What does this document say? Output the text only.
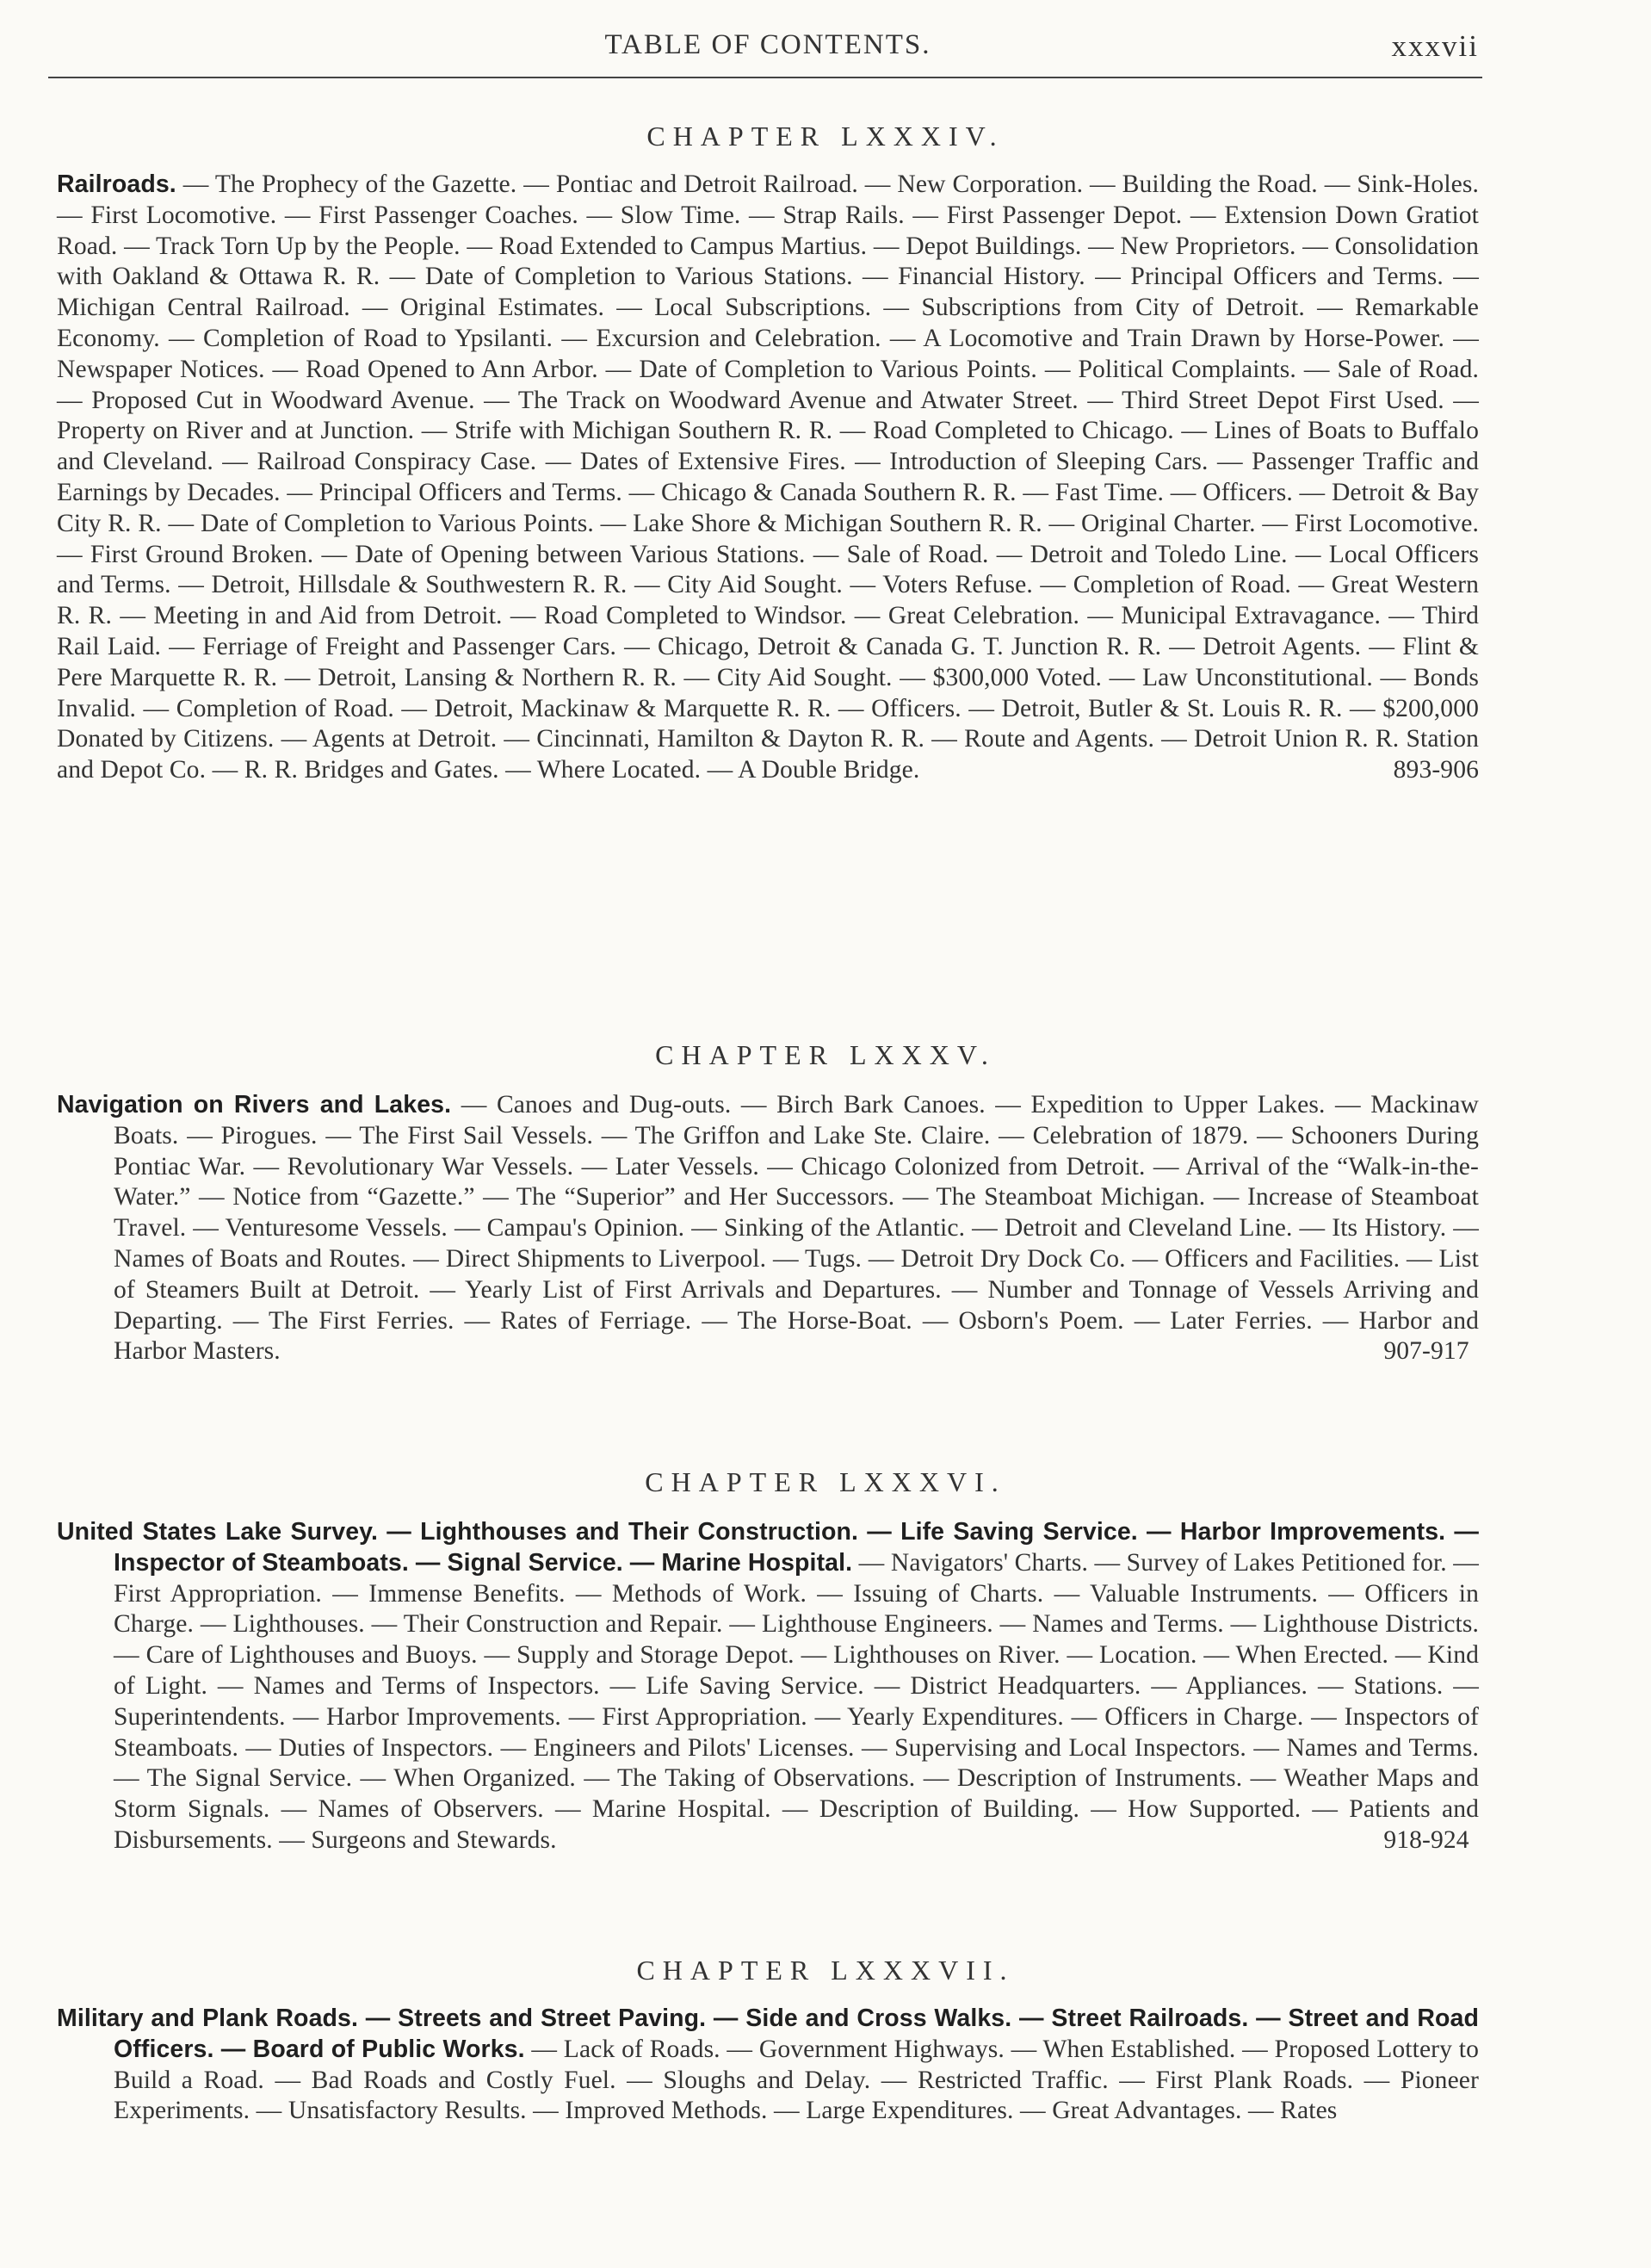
TABLE OF CONTENTS.	xxxvii
CHAPTER LXXXIV.
Railroads. — The Prophecy of the Gazette. — Pontiac and Detroit Railroad. — New Corporation. — Building the Road. — Sink-Holes. — First Locomotive. — First Passenger Coaches. — Slow Time. — Strap Rails. — First Passenger Depot. — Extension Down Gratiot Road. — Track Torn Up by the People. — Road Extended to Campus Martius. — Depot Buildings. — New Proprietors. — Consolidation with Oakland & Ottawa R. R. — Date of Completion to Various Stations. — Financial History. — Principal Officers and Terms. — Michigan Central Railroad. — Original Estimates. — Local Subscriptions. — Subscriptions from City of Detroit. — Remarkable Economy. — Completion of Road to Ypsilanti. — Excursion and Celebration. — A Locomotive and Train Drawn by Horse-Power. — Newspaper Notices. — Road Opened to Ann Arbor. — Date of Completion to Various Points. — Political Complaints. — Sale of Road. — Proposed Cut in Woodward Avenue. — The Track on Woodward Avenue and Atwater Street. — Third Street Depot First Used. — Property on River and at Junction. — Strife with Michigan Southern R. R. — Road Completed to Chicago. — Lines of Boats to Buffalo and Cleveland. — Railroad Conspiracy Case. — Dates of Extensive Fires. — Introduction of Sleeping Cars. — Passenger Traffic and Earnings by Decades. — Principal Officers and Terms. — Chicago & Canada Southern R. R. — Fast Time. — Officers. — Detroit & Bay City R. R. — Date of Completion to Various Points. — Lake Shore & Michigan Southern R. R. — Original Charter. — First Locomotive. — First Ground Broken. — Date of Opening between Various Stations. — Sale of Road. — Detroit and Toledo Line. — Local Officers and Terms. — Detroit, Hillsdale & Southwestern R. R. — City Aid Sought. — Voters Refuse. — Completion of Road. — Great Western R. R. — Meeting in and Aid from Detroit. — Road Completed to Windsor. — Great Celebration. — Municipal Extravagance. — Third Rail Laid. — Ferriage of Freight and Passenger Cars. — Chicago, Detroit & Canada G. T. Junction R. R. — Detroit Agents. — Flint & Pere Marquette R. R. — Detroit, Lansing & Northern R. R. — City Aid Sought. — $300,000 Voted. — Law Unconstitutional. — Bonds Invalid. — Completion of Road. — Detroit, Mackinaw & Marquette R. R. — Officers. — Detroit, Butler & St. Louis R. R. — $200,000 Donated by Citizens. — Agents at Detroit. — Cincinnati, Hamilton & Dayton R. R. — Route and Agents. — Detroit Union R. R. Station and Depot Co. — R. R. Bridges and Gates. — Where Located. — A Double Bridge.	893-906
CHAPTER LXXXV.
Navigation on Rivers and Lakes. — Canoes and Dug-outs. — Birch Bark Canoes. — Expedition to Upper Lakes. — Mackinaw Boats. — Pirogues. — The First Sail Vessels. — The Griffon and Lake Ste. Claire. — Celebration of 1879. — Schooners During Pontiac War. — Revolutionary War Vessels. — Later Vessels. — Chicago Colonized from Detroit. — Arrival of the “Walk-in-the-Water.” — Notice from “Gazette.” — The “Superior” and Her Successors. — The Steamboat Michigan. — Increase of Steamboat Travel. — Venturesome Vessels. — Campau's Opinion. — Sinking of the Atlantic. — Detroit and Cleveland Line. — Its History. — Names of Boats and Routes. — Direct Shipments to Liverpool. — Tugs. — Detroit Dry Dock Co. — Officers and Facilities. — List of Steamers Built at Detroit. — Yearly List of First Arrivals and Departures. — Number and Tonnage of Vessels Arriving and Departing. — The First Ferries. — Rates of Ferriage. — The Horse-Boat. — Osborn's Poem. — Later Ferries. — Harbor and Harbor Masters.	907-917
CHAPTER LXXXVI.
United States Lake Survey. — Lighthouses and Their Construction. — Life Saving Service. — Harbor Improvements. — Inspector of Steamboats. — Signal Service. — Marine Hospital. — Navigators' Charts. — Survey of Lakes Petitioned for. — First Appropriation. — Immense Benefits. — Methods of Work. — Issuing of Charts. — Valuable Instruments. — Officers in Charge. — Lighthouses. — Their Construction and Repair. — Lighthouse Engineers. — Names and Terms. — Lighthouse Districts. — Care of Lighthouses and Buoys. — Supply and Storage Depot. — Lighthouses on River. — Location. — When Erected. — Kind of Light. — Names and Terms of Inspectors. — Life Saving Service. — District Headquarters. — Appliances. — Stations. — Superintendents. — Harbor Improvements. — First Appropriation. — Yearly Expenditures. — Officers in Charge. — Inspectors of Steamboats. — Duties of Inspectors. — Engineers and Pilots' Licenses. — Supervising and Local Inspectors. — Names and Terms. — The Signal Service. — When Organized. — The Taking of Observations. — Description of Instruments. — Weather Maps and Storm Signals. — Names of Observers. — Marine Hospital. — Description of Building. — How Supported. — Patients and Disbursements. — Surgeons and Stewards.	918-924
CHAPTER LXXXVII.
Military and Plank Roads. — Streets and Street Paving. — Side and Cross Walks. — Street Railroads. — Street and Road Officers. — Board of Public Works. — Lack of Roads. — Government Highways. — When Established. — Proposed Lottery to Build a Road. — Bad Roads and Costly Fuel. — Sloughs and Delay. — Restricted Traffic. — First Plank Roads. — Pioneer Experiments. — Unsatisfactory Results. — Improved Methods. — Large Expenditures. — Great Advantages. — Rates
